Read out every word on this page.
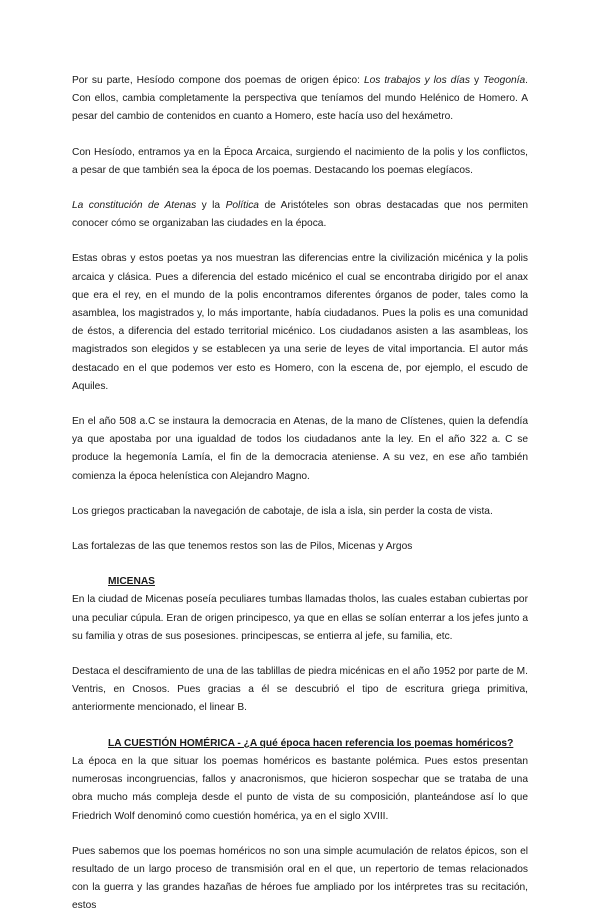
Por su parte, Hesíodo compone dos poemas de origen épico: Los trabajos y los días y Teogonía. Con ellos, cambia completamente la perspectiva que teníamos del mundo Helénico de Homero. A pesar del cambio de contenidos en cuanto a Homero, este hacía uso del hexámetro.

Con Hesíodo, entramos ya en la Época Arcaica, surgiendo el nacimiento de la polis y los conflictos, a pesar de que también sea la época de los poemas. Destacando los poemas elegíacos.

La constitución de Atenas y la Política de Aristóteles son obras destacadas que nos permiten conocer cómo se organizaban las ciudades en la época.

Estas obras y estos poetas ya nos muestran las diferencias entre la civilización micénica y la polis arcaica y clásica. Pues a diferencia del estado micénico el cual se encontraba dirigido por el anax que era el rey, en el mundo de la polis encontramos diferentes órganos de poder, tales como la asamblea, los magistrados y, lo más importante, había ciudadanos. Pues la polis es una comunidad de éstos, a diferencia del estado territorial micénico. Los ciudadanos asisten a las asambleas, los magistrados son elegidos y se establecen ya una serie de leyes de vital importancia. El autor más destacado en el que podemos ver esto es Homero, con la escena de, por ejemplo, el escudo de Aquiles.

En el año 508 a.C se instaura la democracia en Atenas, de la mano de Clístenes, quien la defendía ya que apostaba por una igualdad de todos los ciudadanos ante la ley. En el año 322 a. C se produce la hegemonía Lamía, el fin de la democracia ateniense. A su vez, en ese año también comienza la época helenística con Alejandro Magno.

Los griegos practicaban la navegación de cabotaje, de isla a isla, sin perder la costa de vista.

Las fortalezas de las que tenemos restos son las de Pilos, Micenas y Argos

MICENAS

En la ciudad de Micenas poseía peculiares tumbas llamadas tholos, las cuales estaban cubiertas por una peculiar cúpula. Eran de origen principesco, ya que en ellas se solían enterrar a los jefes junto a su familia y otras de sus posesiones. principescas, se entierra al jefe, su familia, etc.

Destaca el desciframiento de una de las tablillas de piedra micénicas en el año 1952 por parte de M. Ventris, en Cnosos. Pues gracias a él se descubrió el tipo de escritura griega primitiva, anteriormente mencionado, el linear B.

LA CUESTIÓN HOMÉRICA - ¿A qué época hacen referencia los poemas homéricos?

La época en la que situar los poemas homéricos es bastante polémica. Pues estos presentan numerosas incongruencias, fallos y anacronismos, que hicieron sospechar que se trataba de una obra mucho más compleja desde el punto de vista de su composición, planteándose así lo que Friedrich Wolf denominó como cuestión homérica, ya en el siglo XVIII.

Pues sabemos que los poemas homéricos no son una simple acumulación de relatos épicos, son el resultado de un largo proceso de transmisión oral en el que, un repertorio de temas relacionados con la guerra y las grandes hazañas de héroes fue ampliado por los intérpretes tras su recitación, estos
